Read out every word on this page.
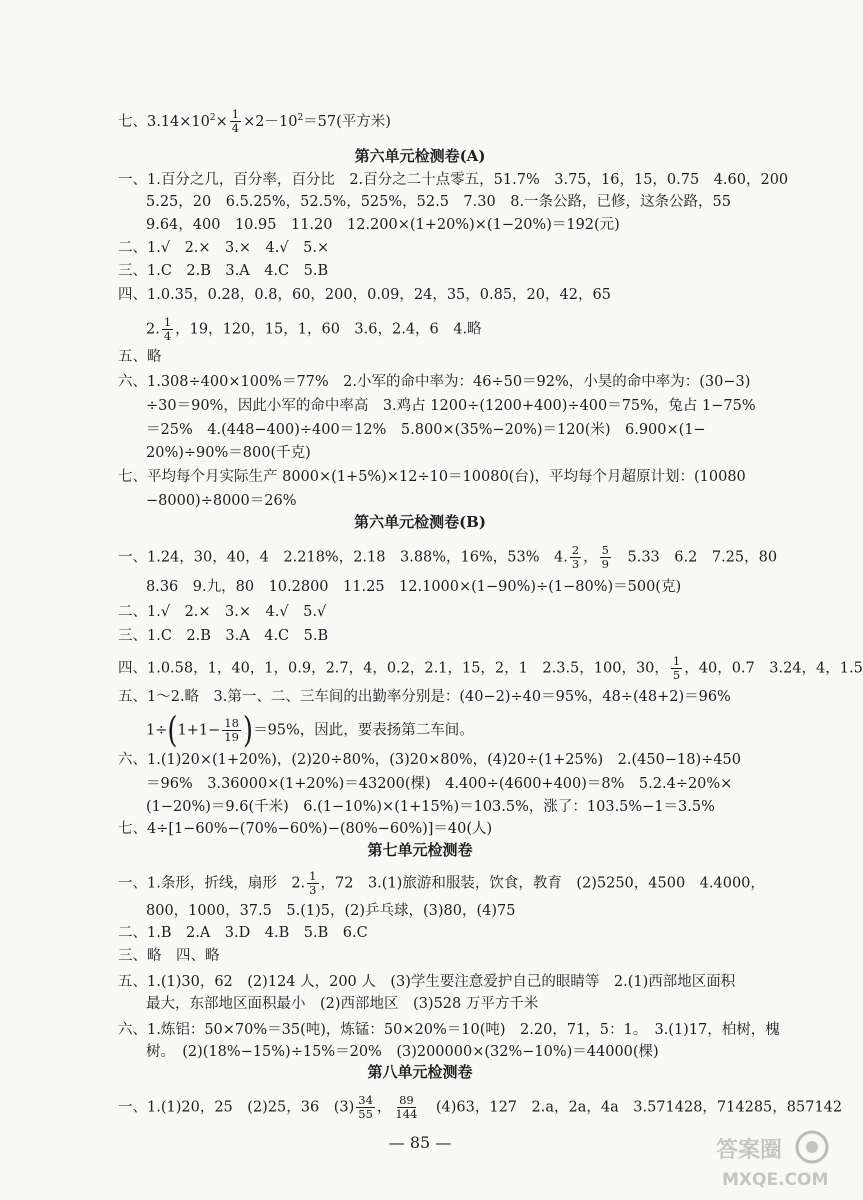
七、$3.14\times 10^2\times \frac{1}{4} \times 2-10^2=57$(平方米)
第六单元检测卷(A)
一、1.百分之几，百分率，百分比　2.百分之二十点零五，51.7%　3.75，16，15，0.75　4.60，200
5.25，20　6.5.25%，52.5%，525%，52.5　7.30　8.一条公路，已修，这条公路，55
9.64，400　10.95　11.20　12.200×(1+20%)×(1−20%)＝192(元)
二、1.√　2.×　3.×　4.√　5.×
三、1.C　2.B　3.A　4.C　5.B
四、1.0.35，0.28，0.8，60，200，0.09，24，35，0.85，20，42，65
2. $\frac{1}{4}$ ，19，120，15，1，60　3.6，2.4，6　4.略
五、略
六、1.308÷400×100%＝77%　2.小军的命中率为：46÷50＝92%，小昊的命中率为：(30−3)
÷30＝90%，因此小军的命中率高　3.鸡占 1200÷(1200+400)÷400＝75%，兔占 1−75%
＝25%　4.(448−400)÷400＝12%　5.800×(35%−20%)＝120(米)　6.900×(1−
20%)÷90%＝800(千克)
七、平均每个月实际生产 8000×(1+5%)×12÷10＝10080(台)，平均每个月超原计划：(10080
−8000)÷8000＝26%
第六单元检测卷(B)
一、1.24，30，40，4　2.218%，2.18　3.88%，16%，53%　4. $\frac{2}{3}$ ， $\frac{5}{9}$ 　5.33　6.2　7.25，80
8.36　9.九，80　10.2800　11.25　12.1000×(1−90%)÷(1−80%)＝500(克)
二、1.√　2.×　3.×　4.√　5.√
三、1.C　2.B　3.A　4.C　5.B
四、1.0.58，1，40，1，0.9，2.7，4，0.2，2.1，15，2，1　2.3.5，100，30， $\frac{1}{5}$ ，40，0.7　3.24，4，1.5
五、1～2.略　3.第一、二、三车间的出勤率分别是：(40−2)÷40＝95%，48÷(48+2)＝96%
$1\div(1+1- \frac{18}{19} )=95\%$，因此，要表扬第二车间。
六、1.(1)20×(1+20%)，(2)20÷80%，(3)20×80%，(4)20÷(1+25%)　2.(450−18)÷450
＝96%　3.36000×(1+20%)＝43200(棵)　4.400÷(4600+400)＝8%　5.2.4÷20%×
(1−20%)＝9.6(千米)　6.(1−10%)×(1+15%)＝103.5%，涨了：103.5%−1＝3.5%
七、4÷[1−60%−(70%−60%)−(80%−60%)]＝40(人)
第七单元检测卷
一、1.条形，折线，扇形　2. $\frac{1}{3}$ ，72　3.(1)旅游和服装，饮食，教育　(2)5250，4500　4.4000，
800，1000，37.5　5.(1)5，(2)乒乓球，(3)80，(4)75
二、1.B　2.A　3.D　4.B　5.B　6.C
三、略　四、略
五、1.(1)30，62　(2)124 人，200 人　(3)学生要注意爱护自己的眼睛等　2.(1)西部地区面积
最大，东部地区面积最小　(2)西部地区　(3)528 万平方千米
六、1.炼铝：50×70%＝35(吨)，炼锰：50×20%＝10(吨)　2.20，71，5：1。　3.(1)17，柏树，槐
树。　(2)(18%−15%)÷15%＝20%　(3)200000×(32%−10%)＝44000(棵)
第八单元检测卷
一、1.(1)20，25　(2)25，36　$(3) \frac{34}{55}$ ， $\frac{89}{144}$ 　(4)63，127　2.a，2a，4a　3.571428，714285，857142
— 85 —	答案圈
MXQE.COM
